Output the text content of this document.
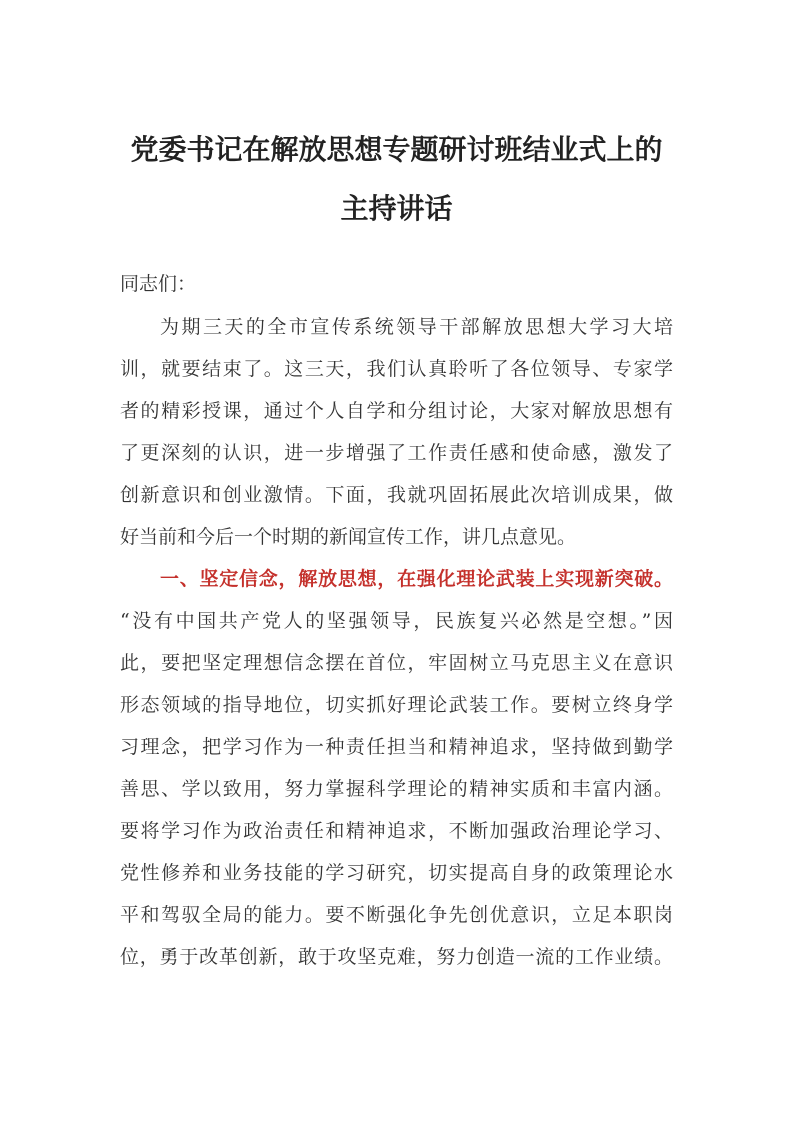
党委书记在解放思想专题研讨班结业式上的
主持讲话
同志们：
为期三天的全市宣传系统领导干部解放思想大学习大培
训，就要结束了。这三天，我们认真聆听了各位领导、专家学
者的精彩授课，通过个人自学和分组讨论，大家对解放思想有
了更深刻的认识，进一步增强了工作责任感和使命感，激发了
创新意识和创业激情。下面，我就巩固拓展此次培训成果，做
好当前和今后一个时期的新闻宣传工作，讲几点意见。
一、坚定信念，解放思想，在强化理论武装上实现新突破。
“没有中国共产党人的坚强领导，民族复兴必然是空想。”因
此，要把坚定理想信念摆在首位，牢固树立马克思主义在意识
形态领域的指导地位，切实抓好理论武装工作。要树立终身学
习理念，把学习作为一种责任担当和精神追求，坚持做到勤学
善思、学以致用，努力掌握科学理论的精神实质和丰富内涵。
要将学习作为政治责任和精神追求，不断加强政治理论学习、
党性修养和业务技能的学习研究，切实提高自身的政策理论水
平和驾驭全局的能力。要不断强化争先创优意识，立足本职岗
位，勇于改革创新，敢于攻坚克难，努力创造一流的工作业绩。
